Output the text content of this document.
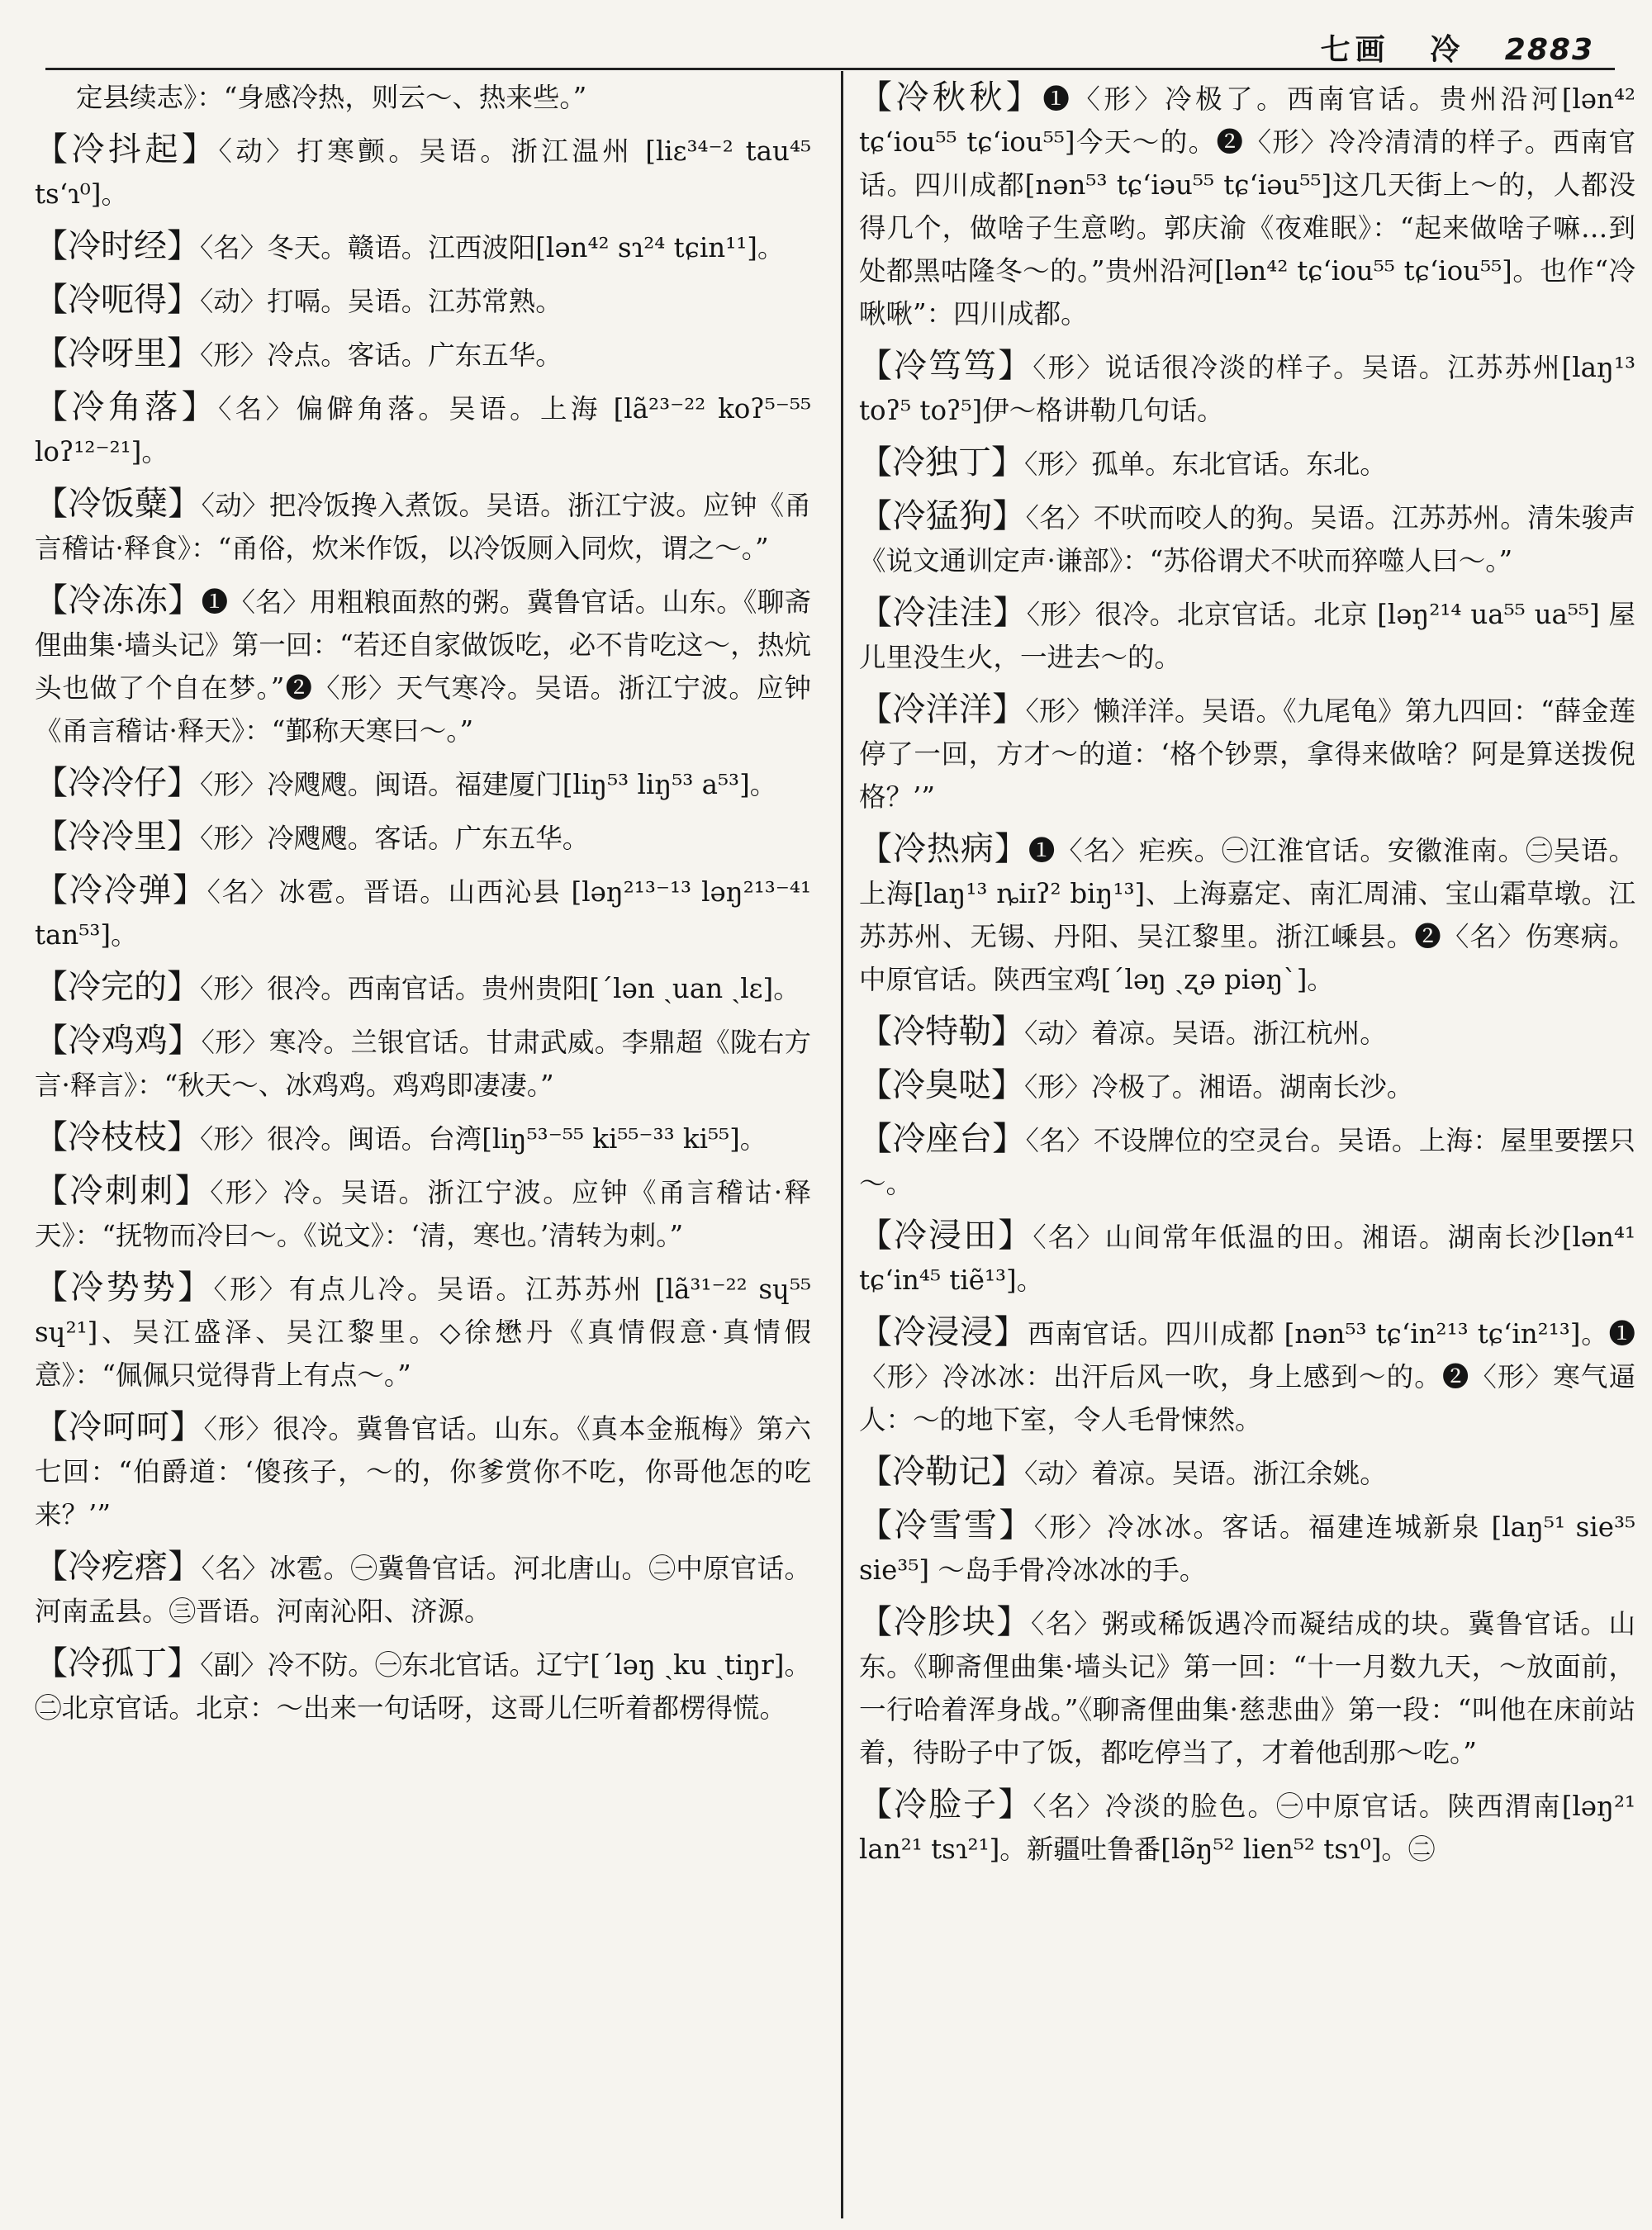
七画 冷 2883

定县续志》：“身感冷热，则云～、热来些。”

【冷抖起】〈动〉打寒颤。吴语。浙江温州 [liɛ³⁴⁻² tau⁴⁵ tsʻɿ⁰]。

【冷时经】〈名〉冬天。赣语。江西波阳[lən⁴² sɿ²⁴ tɕin¹¹]。

【冷呃得】〈动〉打嗝。吴语。江苏常熟。

【冷呀里】〈形〉冷点。客话。广东五华。

【冷角落】〈名〉偏僻角落。吴语。上海 [lã²³⁻²² koʔ⁵⁻⁵⁵ loʔ¹²⁻²¹]。

【冷饭糵】〈动〉把冷饭搀入煮饭。吴语。浙江宁波。应钟《甬言稽诂·释食》：“甬俗，炊米作饭，以冷饭厕入同炊，谓之～。”

【冷冻冻】❶〈名〉用粗粮面熬的粥。冀鲁官话。山东。《聊斋俚曲集·墙头记》第一回：“若还自家做饭吃，必不肯吃这～，热炕头也做了个自在梦。”❷〈形〉天气寒冷。吴语。浙江宁波。应钟《甬言稽诂·释天》：“鄞称天寒曰～。”

【冷冷仔】〈形〉冷飕飕。闽语。福建厦门[liŋ⁵³ liŋ⁵³ a⁵³]。

【冷冷里】〈形〉冷飕飕。客话。广东五华。

【冷冷弹】〈名〉冰雹。晋语。山西沁县 [ləŋ²¹³⁻¹³ ləŋ²¹³⁻⁴¹ tan⁵³]。

【冷完的】〈形〉很冷。西南官话。贵州贵阳[ˊlən ˏuan ˏlɛ]。

【冷鸡鸡】〈形〉寒冷。兰银官话。甘肃武威。李鼎超《陇右方言·释言》：“秋天～、冰鸡鸡。鸡鸡即凄凄。”

【冷枝枝】〈形〉很冷。闽语。台湾[liŋ⁵³⁻⁵⁵ ki⁵⁵⁻³³ ki⁵⁵]。

【冷刺刺】〈形〉冷。吴语。浙江宁波。应钟《甬言稽诂·释天》：“抚物而冷曰～。《说文》：‘清，寒也。’清转为刺。”

【冷势势】〈形〉有点儿冷。吴语。江苏苏州 [lã³¹⁻²² sɥ⁵⁵ sɥ²¹]、吴江盛泽、吴江黎里。◇徐懋丹《真情假意·真情假意》：“佩佩只觉得背上有点～。”

【冷呵呵】〈形〉很冷。冀鲁官话。山东。《真本金瓶梅》第六七回：“伯爵道：‘傻孩子，～的，你爹赏你不吃，你哥他怎的吃来？’”

【冷疙瘩】〈名〉冰雹。㊀冀鲁官话。河北唐山。㊁中原官话。河南孟县。㊂晋语。河南沁阳、济源。

【冷孤丁】〈副〉冷不防。㊀东北官话。辽宁[ˊləŋ ˏku ˏtiŋr]。㊁北京官话。北京：～出来一句话呀，这哥儿仨听着都楞得慌。

【冷秋秋】❶〈形〉冷极了。西南官话。贵州沿河[lən⁴² tɕʻiou⁵⁵ tɕʻiou⁵⁵]今天～的。❷〈形〉冷冷清清的样子。西南官话。四川成都[nən⁵³ tɕʻiəu⁵⁵ tɕʻiəu⁵⁵]这几天街上～的，人都没得几个，做啥子生意哟。郭庆渝《夜难眠》：“起来做啥子嘛…到处都黑咕隆冬～的。”贵州沿河[lən⁴² tɕʻiou⁵⁵ tɕʻiou⁵⁵]。也作“冷啾啾”：四川成都。

【冷笃笃】〈形〉说话很冷淡的样子。吴语。江苏苏州[laŋ¹³ toʔ⁵ toʔ⁵]伊～格讲勒几句话。

【冷独丁】〈形〉孤单。东北官话。东北。

【冷猛狗】〈名〉不吠而咬人的狗。吴语。江苏苏州。清朱骏声《说文通训定声·谦部》：“苏俗谓犬不吠而猝噬人曰～。”

【冷洼洼】〈形〉很冷。北京官话。北京 [ləŋ²¹⁴ ua⁵⁵ ua⁵⁵] 屋儿里没生火，一进去～的。

【冷洋洋】〈形〉懒洋洋。吴语。《九尾龟》第九四回：“薛金莲停了一回，方才～的道：‘格个钞票，拿得来做啥？阿是算送拨倪格？’”

【冷热病】❶〈名〉疟疾。㊀江淮官话。安徽淮南。㊁吴语。上海[laŋ¹³ ȵiɪʔ² biŋ¹³]、上海嘉定、南汇周浦、宝山霜草墩。江苏苏州、无锡、丹阳、吴江黎里。浙江嵊县。❷〈名〉伤寒病。中原官话。陕西宝鸡[ˊləŋ ˏʐə piəŋˋ]。

【冷特勒】〈动〉着凉。吴语。浙江杭州。

【冷臭哒】〈形〉冷极了。湘语。湖南长沙。

【冷座台】〈名〉不设牌位的空灵台。吴语。上海：屋里要摆只～。

【冷浸田】〈名〉山间常年低温的田。湘语。湖南长沙[lən⁴¹ tɕʻin⁴⁵ tiẽ¹³]。

【冷浸浸】西南官话。四川成都 [nən⁵³ tɕʻin²¹³ tɕʻin²¹³]。❶〈形〉冷冰冰：出汗后风一吹，身上感到～的。❷〈形〉寒气逼人：～的地下室，令人毛骨悚然。

【冷勒记】〈动〉着凉。吴语。浙江余姚。

【冷雪雪】〈形〉冷冰冰。客话。福建连城新泉 [laŋ⁵¹ sie³⁵ sie³⁵] ～岛手骨冷冰冰的手。

【冷胗块】〈名〉粥或稀饭遇冷而凝结成的块。冀鲁官话。山东。《聊斋俚曲集·墙头记》第一回：“十一月数九天，～放面前，一行哈着浑身战。”《聊斋俚曲集·慈悲曲》第一段：“叫他在床前站着，待盼子中了饭，都吃停当了，才着他刮那～吃。”

【冷脸子】〈名〉冷淡的脸色。㊀中原官话。陕西渭南[ləŋ²¹ lan²¹ tsɿ²¹]。新疆吐鲁番[lə̃ŋ⁵² lien⁵² tsɿ⁰]。㊁
